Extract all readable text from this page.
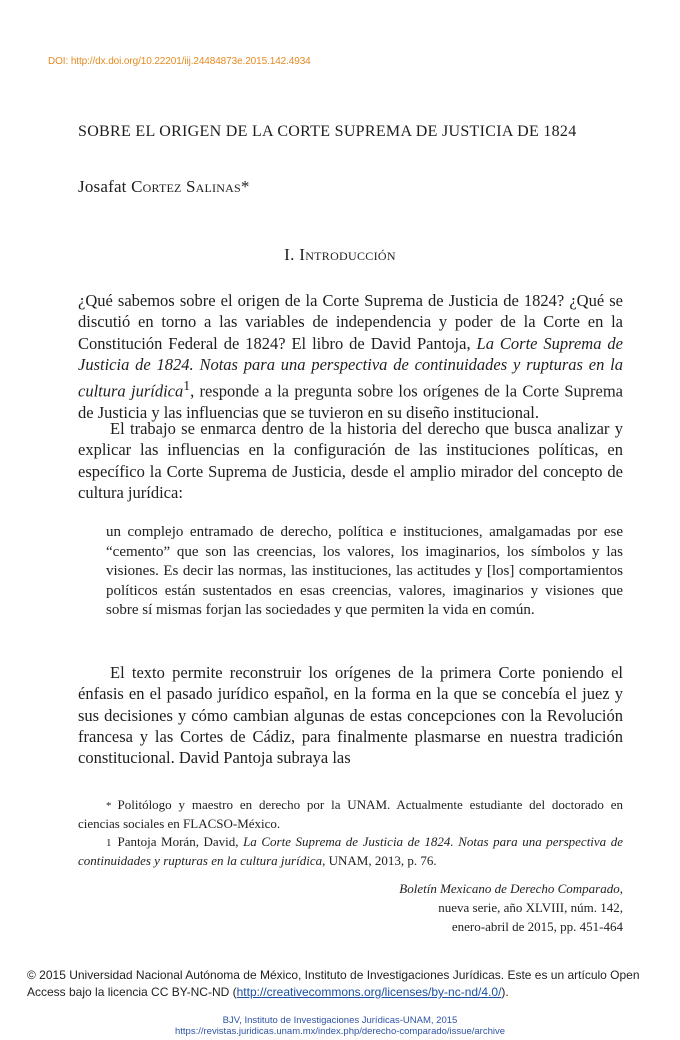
DOI: http://dx.doi.org/10.22201/iij.24484873e.2015.142.4934
SOBRE EL ORIGEN DE LA CORTE SUPREMA DE JUSTICIA DE 1824
Josafat Cortez Salinas*
I. Introducción
¿Qué sabemos sobre el origen de la Corte Suprema de Justicia de 1824? ¿Qué se discutió en torno a las variables de independencia y poder de la Corte en la Constitución Federal de 1824? El libro de David Pantoja, La Corte Suprema de Justicia de 1824. Notas para una perspectiva de continuidades y rupturas en la cultura jurídica$^1$, responde a la pregunta sobre los orígenes de la Corte Suprema de Justicia y las influencias que se tuvieron en su diseño institucional.
El trabajo se enmarca dentro de la historia del derecho que busca analizar y explicar las influencias en la configuración de las instituciones políticas, en específico la Corte Suprema de Justicia, desde el amplio mirador del concepto de cultura jurídica:
un complejo entramado de derecho, política e instituciones, amalgamadas por ese “cemento” que son las creencias, los valores, los imaginarios, los símbolos y las visiones. Es decir las normas, las instituciones, las actitudes y [los] comportamientos políticos están sustentados en esas creencias, valores, imaginarios y visiones que sobre sí mismas forjan las sociedades y que permiten la vida en común.
El texto permite reconstruir los orígenes de la primera Corte poniendo el énfasis en el pasado jurídico español, en la forma en la que se concebía el juez y sus decisiones y cómo cambian algunas de estas concepciones con la Revolución francesa y las Cortes de Cádiz, para finalmente plasmarse en nuestra tradición constitucional. David Pantoja subraya las

* Politólogo y maestro en derecho por la UNAM. Actualmente estudiante del doctorado en ciencias sociales en FLACSO-México.

1 Pantoja Morán, David, La Corte Suprema de Justicia de 1824. Notas para una perspectiva de continuidades y rupturas en la cultura jurídica, UNAM, 2013, p. 76.

Boletín Mexicano de Derecho Comparado,
nueva serie, año XLVIII, núm. 142,
enero-abril de 2015, pp. 451-464
© 2015 Universidad Nacional Autónoma de México, Instituto de Investigaciones Jurídicas. Este es un artículo Open Access bajo la licencia CC BY-NC-ND (http://creativecommons.org/licenses/by-nc-nd/4.0/).
BJV, Instituto de Investigaciones Jurídicas-UNAM, 2015
https://revistas.juridicas.unam.mx/index.php/derecho-comparado/issue/archive
